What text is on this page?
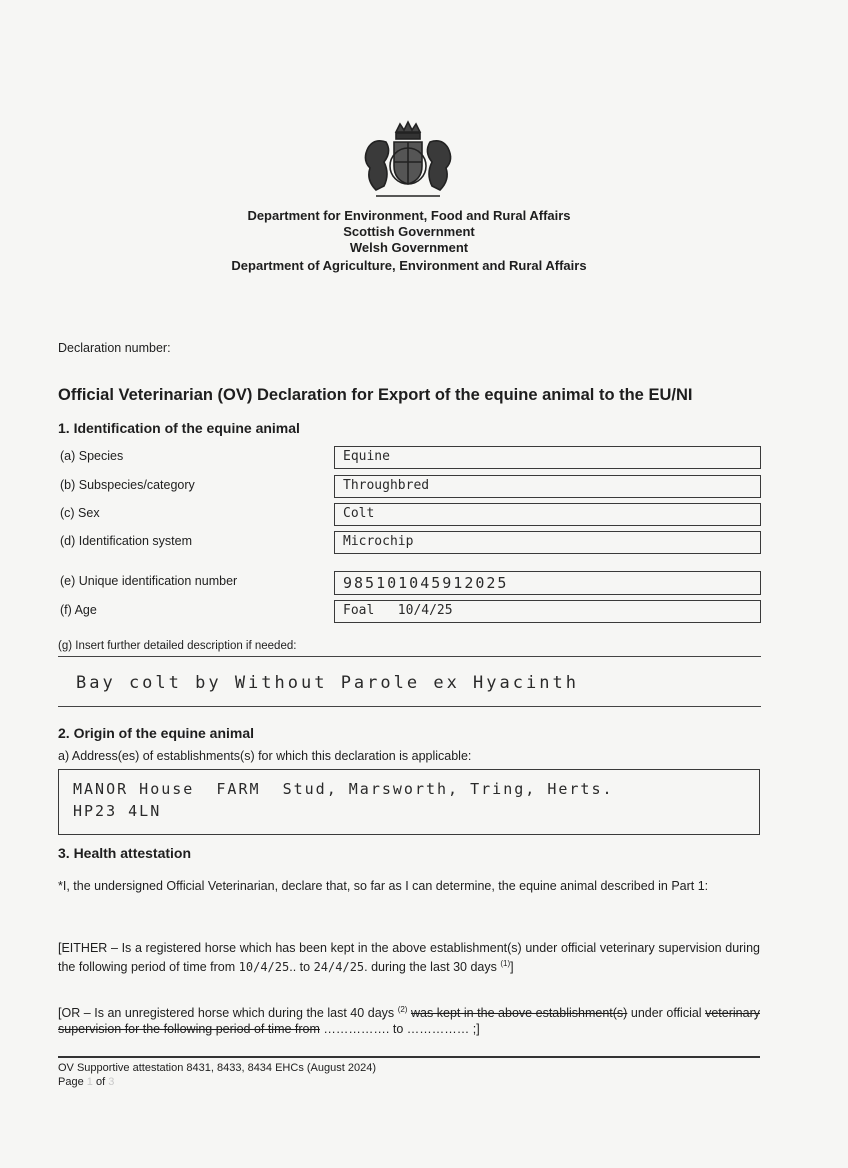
Department for Environment, Food and Rural Affairs
Scottish Government
Welsh Government
Department of Agriculture, Environment and Rural Affairs
Declaration number:
Official Veterinarian (OV) Declaration for Export of the equine animal to the EU/NI
1. Identification of the equine animal
(a) Species	Equine
(b) Subspecies/category	Throughbred
(c) Sex	Colt
(d) Identification system	Microchip
(e) Unique identification number	985101045912025
(f) Age	Foal   10/4/25
(g) Insert further detailed description if needed:
Bay colt by Without Parole ex Hyacinth
2. Origin of the equine animal
a) Address(es) of establishments(s) for which this declaration is applicable:
MANOR House  FARM  Stud, Marsworth, Tring, Herts.
HP23 4LN
3. Health attestation
*I, the undersigned Official Veterinarian, declare that, so far as I can determine, the equine animal described in Part 1:
[EITHER – Is a registered horse which has been kept in the above establishment(s) under official veterinary supervision during the following period of time from 10/4/25.. to 24/4/25. during the last 30 days $^{(1)}$]
[OR – Is an unregistered horse which during the last 40 days $^{(2)}$ was kept in the above establishment(s) under official veterinary supervision for the following period of time from ……………. to …………… ;]
OV Supportive attestation 8431, 8433, 8434 EHCs (August 2024)
Page 1 of 3
